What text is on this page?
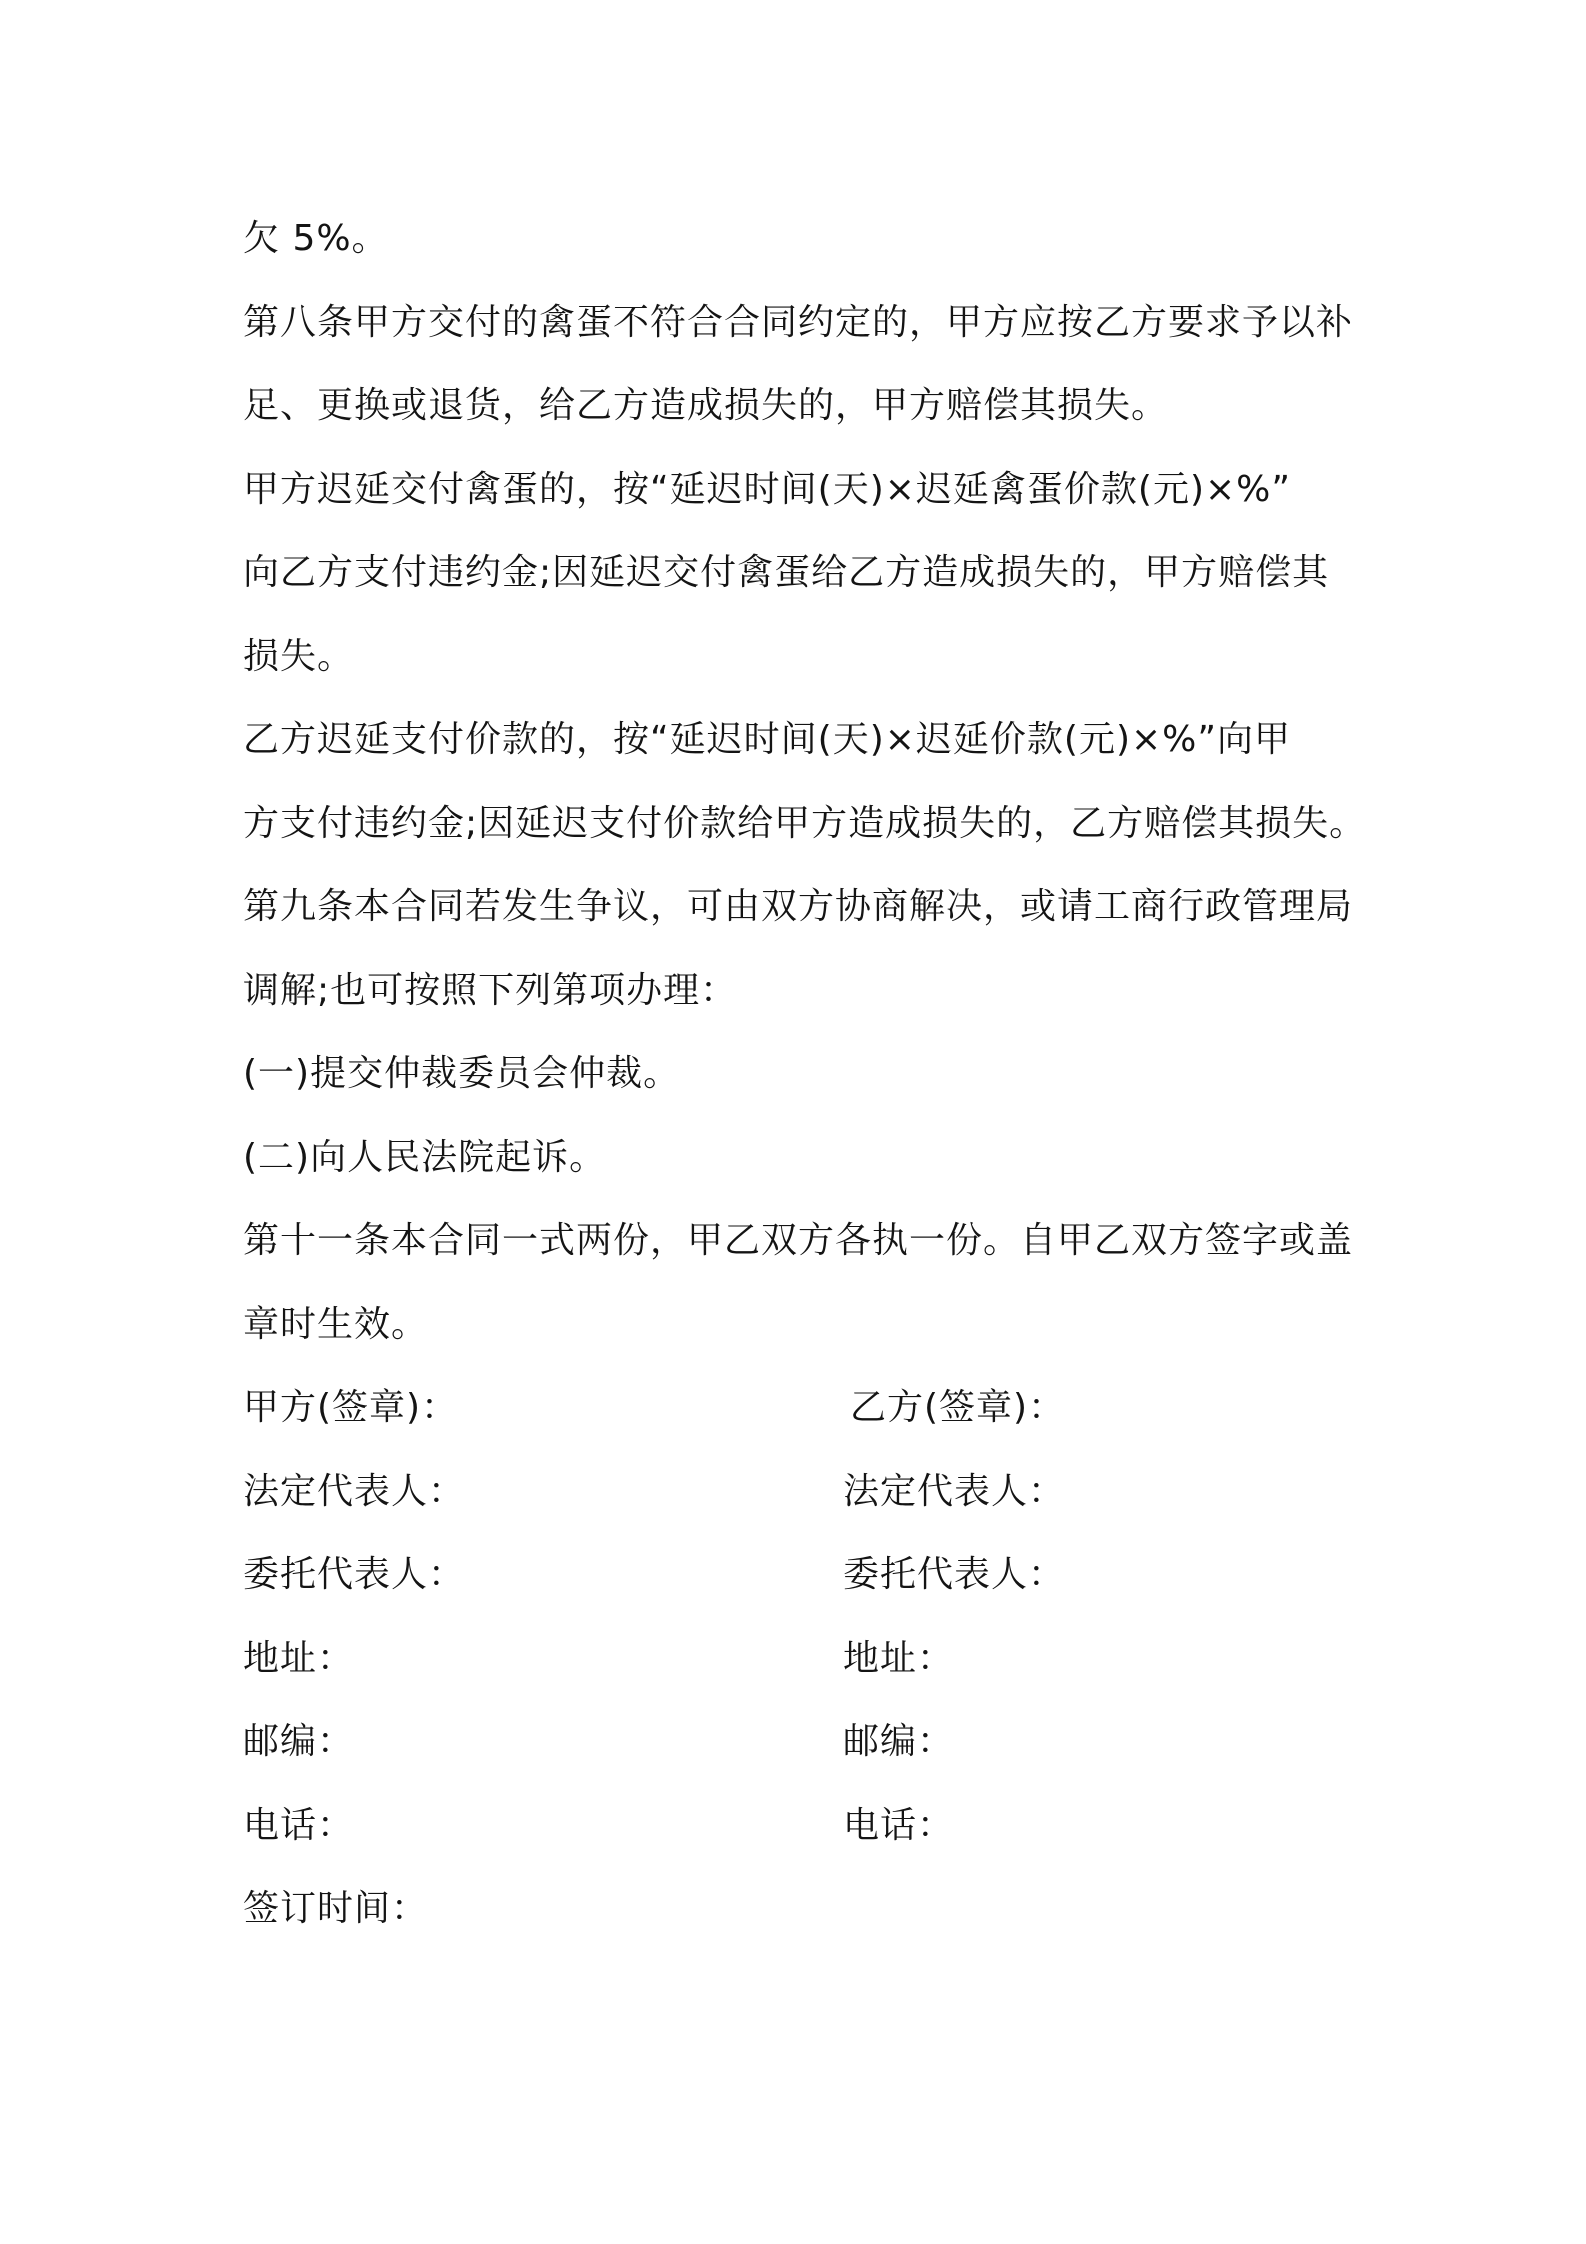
欠 5%。
第八条甲方交付的禽蛋不符合合同约定的，甲方应按乙方要求予以补
足、更换或退货，给乙方造成损失的，甲方赔偿其损失。
甲方迟延交付禽蛋的，按“延迟时间(天)×迟延禽蛋价款(元)×%”
向乙方支付违约金;因延迟交付禽蛋给乙方造成损失的，甲方赔偿其
损失。
乙方迟延支付价款的，按“延迟时间(天)×迟延价款(元)×%”向甲
方支付违约金;因延迟支付价款给甲方造成损失的，乙方赔偿其损失。
第九条本合同若发生争议，可由双方协商解决，或请工商行政管理局
调解;也可按照下列第项办理：
(一)提交仲裁委员会仲裁。
(二)向人民法院起诉。
第十一条本合同一式两份，甲乙双方各执一份。自甲乙双方签字或盖
章时生效。
甲方(签章)：	乙方(签章)：
法定代表人：	法定代表人：
委托代表人：	委托代表人：
地址：	地址：
邮编：	邮编：
电话：	电话：
签订时间：
